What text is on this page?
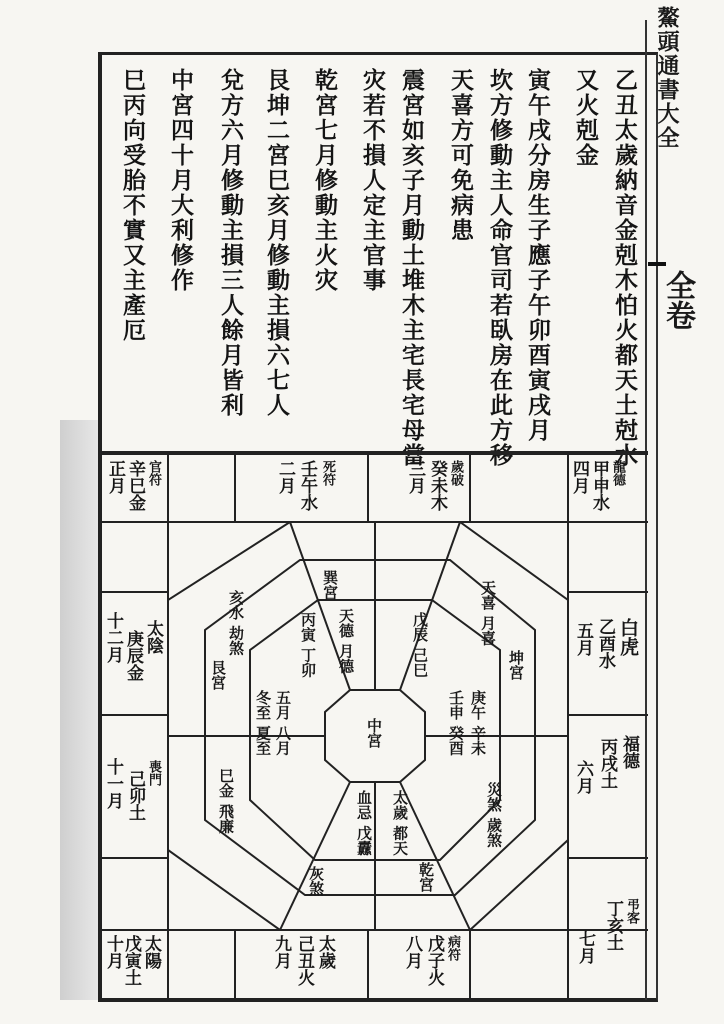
鰲頭通書大全
全卷
乙丑太歲納音金剋木怕火都天土尅水
又火剋金
寅午戌分房生子應子午卯酉寅戌月
坎方修動主人命官司若臥房在此方移
天喜方可免病患
震宮如亥子月動土堆木主宅長宅母當
灾若不損人定主官事
乾宮七月修動主火灾
艮坤二宮巳亥月修動主損六七人
兌方六月修動主損三人餘月皆利
中宮四十月大利修作
巳丙向受胎不實又主產厄
龍德
甲申水
四月
歲破
癸未木
三月
死符
壬午水
二月
官符
辛巳金
正月
白虎
乙酉水
五月
福德
丙戌土
六月
弔客
丁亥土
七月
病符
戊子火
八月
太歲
己丑火
九月
太陽
戊寅土
十月
太陰
庚辰金
十二月
喪門
己卯土
十一月
天德 月德
丙寅 丁卯	戊辰 己巳
庚午 辛未
壬申 癸酉
太歲 都天
血忌 戊纛
五月 八月
冬至 夏至
巳金 飛廉
天喜 月喜
亥水 劫煞
災煞 歲煞
中宮
巽宮
坤宮
乾宮
艮宮
灰煞
